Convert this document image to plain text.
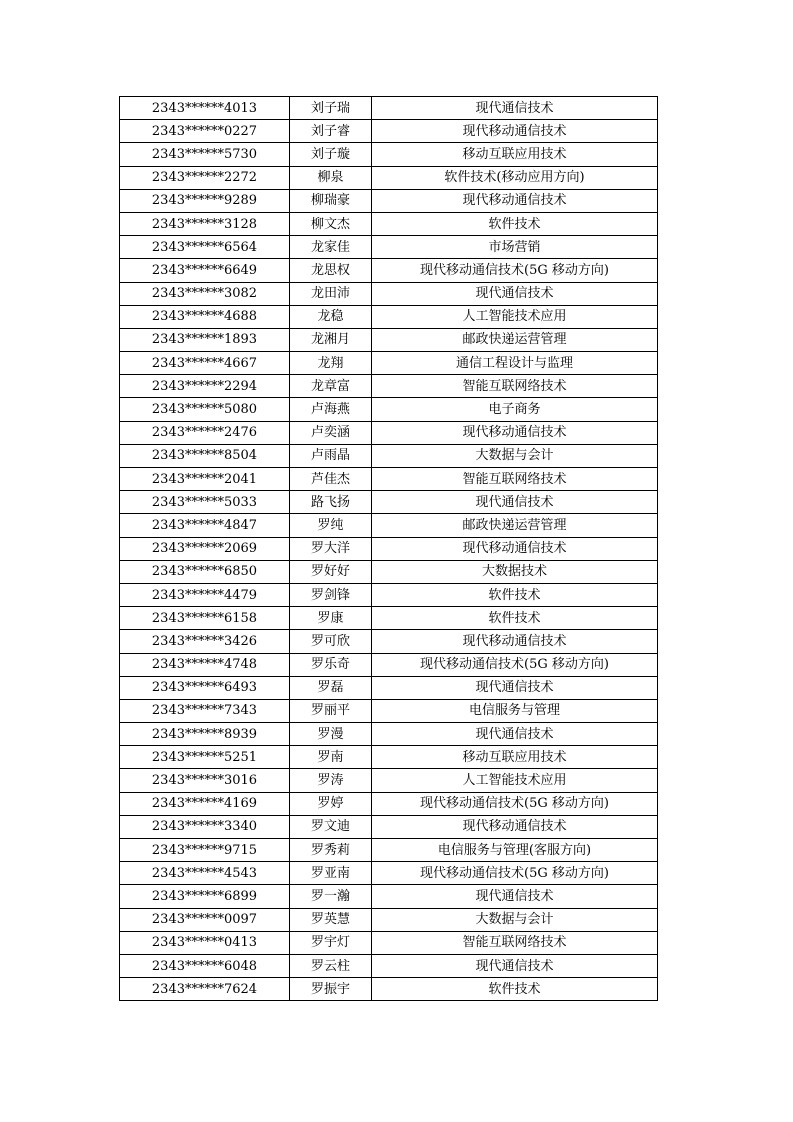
2343******4013	刘子瑞	现代通信技术
2343******0227	刘子睿	现代移动通信技术
2343******5730	刘子璇	移动互联应用技术
2343******2272	柳泉	软件技术(移动应用方向)
2343******9289	柳瑞豪	现代移动通信技术
2343******3128	柳文杰	软件技术
2343******6564	龙家佳	市场营销
2343******6649	龙思权	现代移动通信技术(5G 移动方向)
2343******3082	龙田沛	现代通信技术
2343******4688	龙稳	人工智能技术应用
2343******1893	龙湘月	邮政快递运营管理
2343******4667	龙翔	通信工程设计与监理
2343******2294	龙章富	智能互联网络技术
2343******5080	卢海燕	电子商务
2343******2476	卢奕涵	现代移动通信技术
2343******8504	卢雨晶	大数据与会计
2343******2041	芦佳杰	智能互联网络技术
2343******5033	路飞扬	现代通信技术
2343******4847	罗纯	邮政快递运营管理
2343******2069	罗大洋	现代移动通信技术
2343******6850	罗好好	大数据技术
2343******4479	罗剑锋	软件技术
2343******6158	罗康	软件技术
2343******3426	罗可欣	现代移动通信技术
2343******4748	罗乐奇	现代移动通信技术(5G 移动方向)
2343******6493	罗磊	现代通信技术
2343******7343	罗丽平	电信服务与管理
2343******8939	罗漫	现代通信技术
2343******5251	罗南	移动互联应用技术
2343******3016	罗涛	人工智能技术应用
2343******4169	罗婷	现代移动通信技术(5G 移动方向)
2343******3340	罗文迪	现代移动通信技术
2343******9715	罗秀莉	电信服务与管理(客服方向)
2343******4543	罗亚南	现代移动通信技术(5G 移动方向)
2343******6899	罗一瀚	现代通信技术
2343******0097	罗英慧	大数据与会计
2343******0413	罗宇灯	智能互联网络技术
2343******6048	罗云柱	现代通信技术
2343******7624	罗振宇	软件技术
